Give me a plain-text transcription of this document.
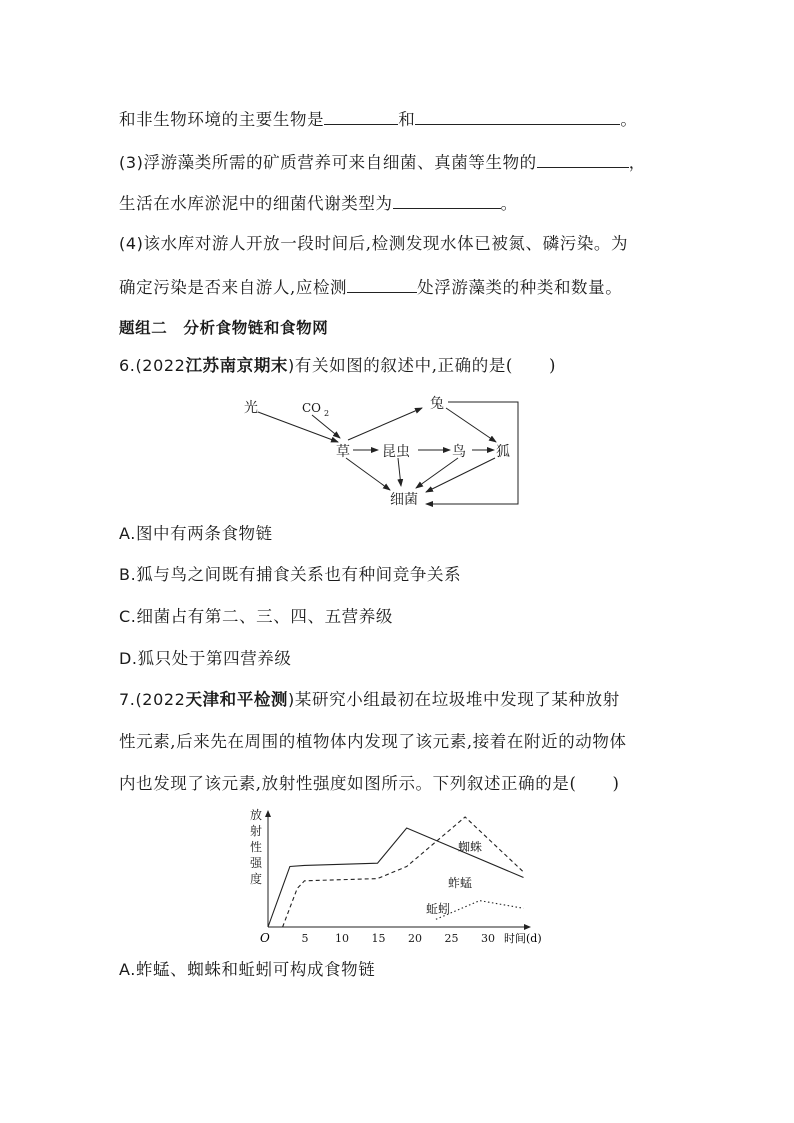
和非生物环境的主要生物是	和	。
(3)浮游藻类所需的矿质营养可来自细菌、真菌等生物的	，
生活在水库淤泥中的细菌代谢类型为	。
(4)该水库对游人开放一段时间后,检测发现水体已被氮、磷污染。为
确定污染是否来自游人,应检测	处浮游藻类的种类和数量。
题组二　分析食物链和食物网
6.(2022江苏南京期末)有关如图的叙述中,正确的是( )
光	CO 2
草
兔
昆虫	鸟 狐
细菌
A.图中有两条食物链
B.狐与鸟之间既有捕食关系也有种间竞争关系
C.细菌占有第二、三、四、五营养级
D.狐只处于第四营养级
7.(2022天津和平检测)某研究小组最初在垃圾堆中发现了某种放射
性元素,后来先在周围的植物体内发现了该元素,接着在附近的动物体
内也发现了该元素,放射性强度如图所示。下列叙述正确的是( )
放
射
性
强
度
O	5 10 15 20 25 30 时间(d)
蜘蛛
蚱蜢
蚯蚓
A.蚱蜢、蜘蛛和蚯蚓可构成食物链
